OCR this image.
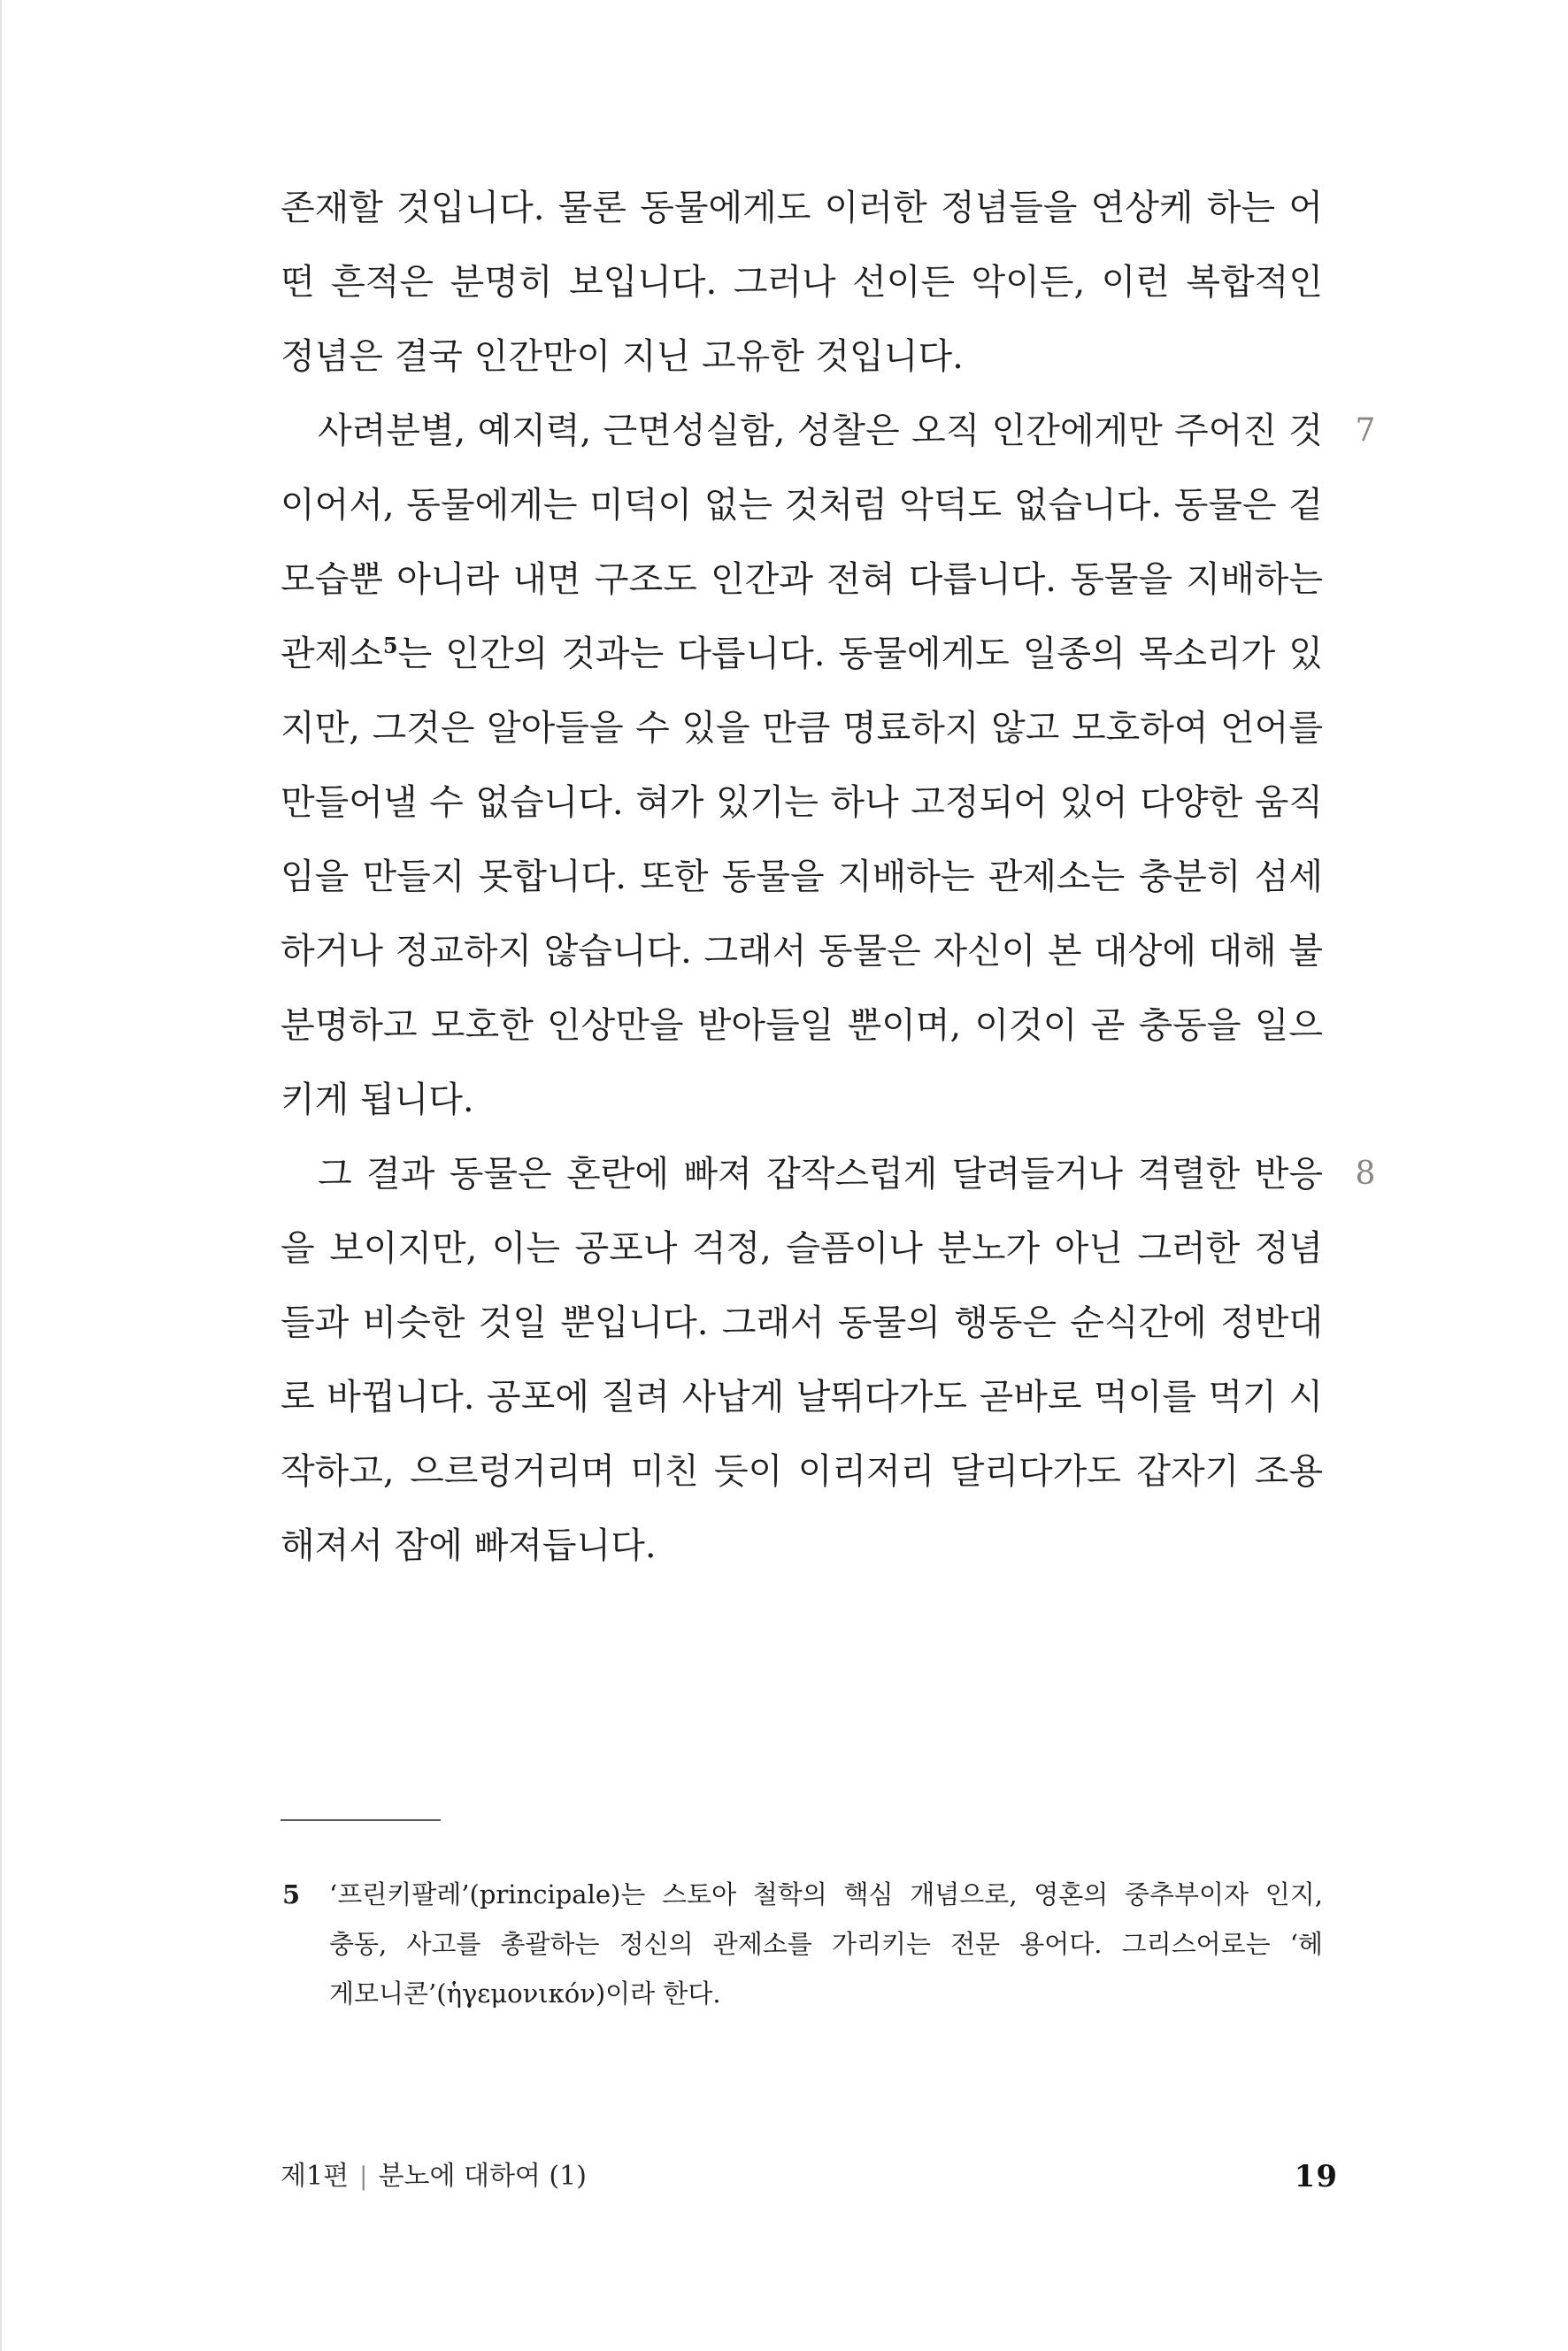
존재할 것입니다. 물론 동물에게도 이러한 정념들을 연상케 하는 어
떤 흔적은 분명히 보입니다. 그러나 선이든 악이든, 이런 복합적인
정념은 결국 인간만이 지닌 고유한 것입니다.
사려분별, 예지력, 근면성실함, 성찰은 오직 인간에게만 주어진 것
이어서, 동물에게는 미덕이 없는 것처럼 악덕도 없습니다. 동물은 겉
모습뿐 아니라 내면 구조도 인간과 전혀 다릅니다. 동물을 지배하는
관제소$^5$는 인간의 것과는 다릅니다. 동물에게도 일종의 목소리가 있
지만, 그것은 알아들을 수 있을 만큼 명료하지 않고 모호하여 언어를
만들어낼 수 없습니다. 혀가 있기는 하나 고정되어 있어 다양한 움직
임을 만들지 못합니다. 또한 동물을 지배하는 관제소는 충분히 섬세
하거나 정교하지 않습니다. 그래서 동물은 자신이 본 대상에 대해 불
분명하고 모호한 인상만을 받아들일 뿐이며, 이것이 곧 충동을 일으
키게 됩니다.
그 결과 동물은 혼란에 빠져 갑작스럽게 달려들거나 격렬한 반응
을 보이지만, 이는 공포나 걱정, 슬픔이나 분노가 아닌 그러한 정념
들과 비슷한 것일 뿐입니다. 그래서 동물의 행동은 순식간에 정반대
로 바뀝니다. 공포에 질려 사납게 날뛰다가도 곧바로 먹이를 먹기 시
작하고, 으르렁거리며 미친 듯이 이리저리 달리다가도 갑자기 조용
해져서 잠에 빠져듭니다.
7
8
5 ‘프린키팔레’(principale)는 스토아 철학의 핵심 개념으로, 영혼의 중추부이자 인지,
충동, 사고를 총괄하는 정신의 관제소를 가리키는 전문 용어다. 그리스어로는 ‘헤
게모니콘’(ἡγεμονικόν)이라 한다.
제1편 | 분노에 대하여 (1)	19
